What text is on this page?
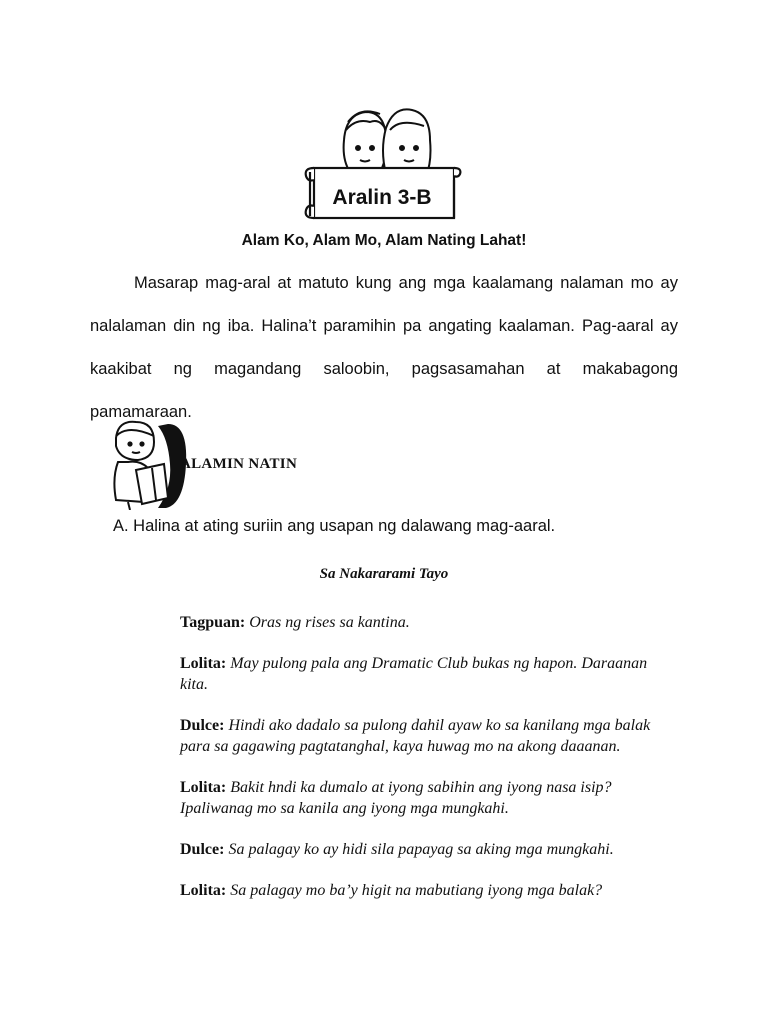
Aralin 3-B
Alam Ko, Alam Mo, Alam Nating Lahat!

Masarap mag-aral at matuto kung ang mga kaalamang nalaman mo ay nalalaman din ng iba. Halina’t paramihin pa angating kaalaman. Pag-aaral ay kaakibat ng magandang saloobin, pagsasamahan at makabagong pamamaraan.

ALAMIN NATIN
A. Halina at ating suriin ang usapan ng dalawang mag-aaral.
Sa Nakararami Tayo

Tagpuan: Oras ng rises sa kantina.

Lolita: May pulong pala ang Dramatic Club bukas ng hapon. Daraanan kita.

Dulce: Hindi ako dadalo sa pulong dahil ayaw ko sa kanilang mga balak para sa gagawing pagtatanghal, kaya huwag mo na akong daaanan.

Lolita: Bakit hndi ka dumalo at iyong sabihin ang iyong nasa isip? Ipaliwanag mo sa kanila ang iyong mga mungkahi.

Dulce: Sa palagay ko ay hidi sila papayag sa aking mga mungkahi.

Lolita: Sa palagay mo ba’y higit na mabutiang iyong mga balak?
